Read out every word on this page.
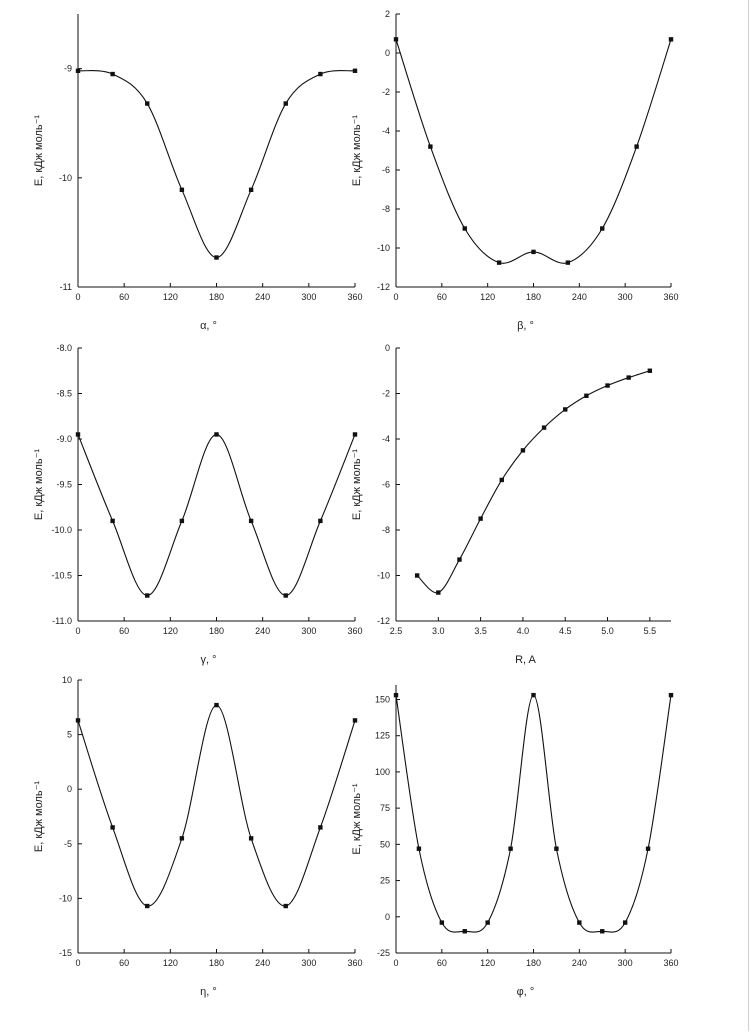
0	60	120	180	240	300	360
-11
-10
-9
α, °
E, кДж моль⁻¹
0	60	120	180	240	300	360
-12
-10
-8
-6
-4
-2
0
2
β, °
E, кДж моль⁻¹
0	60	120	180	240	300	360
-11.0
-10.5
-10.0
-9.5
-9.0
-8.5
-8.0
γ, °
E, кДж моль⁻¹
2.5	3.0	3.5	4.0	4.5	5.0	5.5
-12
-10
-8
-6
-4
-2
0
R, A
E, кДж моль⁻¹
0	60	120	180	240	300	360
-15
-10
-5
0
5
10
η, °
E, кДж моль⁻¹
0	60	120	180	240	300	360
-25
0
25
50
75
100
125
150
φ, °
E, кДж моль⁻¹
